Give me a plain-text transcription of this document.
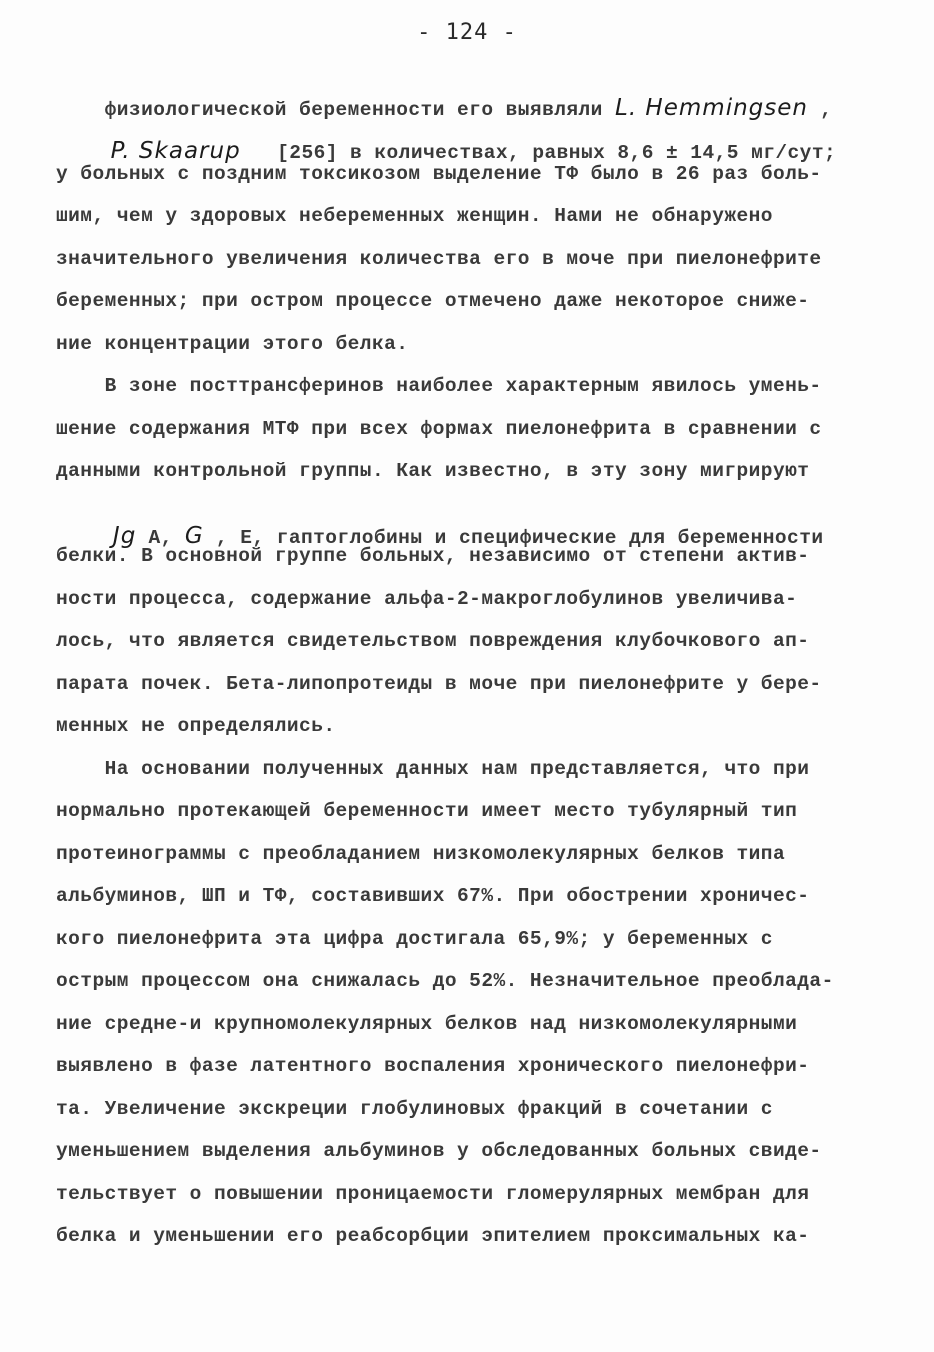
- 124 -

физиологической беременности его выявляли L. Hemmingsen ,

P. Skaarup   [256] в количествах, равных 8,6 ± 14,5 мг/сут;

у больных с поздним токсикозом выделение ТФ было в 26 раз боль-
шим, чем у здоровых небеременных женщин. Нами не обнаружено
значительного увеличения количества его в моче при пиелонефрите
беременных; при остром процессе отмечено даже некоторое сниже-
ние концентрации этого белка.
В зоне посттрансферинов наиболее характерным явилось умень-
шение содержания МТФ при всех формах пиелонефрита в сравнении с
данными контрольной группы. Как известно, в эту зону мигрируют

Jg A, G , E, гаптоглобины и специфические для беременности

белки. В основной группе больных, независимо от степени актив-
ности процесса, содержание альфа-2-макроглобулинов увеличива-
лось, что является свидетельством повреждения клубочкового ап-
парата почек. Бета-липопротеиды в моче при пиелонефрите у бере-
менных не определялись.
На основании полученных данных нам представляется, что при
нормально протекающей беременности имеет место тубулярный тип
протеинограммы с преобладанием низкомолекулярных белков типа
альбуминов, ШП и ТФ, составивших 67%. При обострении хроничес-
кого пиелонефрита эта цифра достигала 65,9%; у беременных с
острым процессом она снижалась до 52%. Незначительное преоблада-
ние средне-и крупномолекулярных белков над низкомолекулярными
выявлено в фазе латентного воспаления хронического пиелонефри-
та. Увеличение экскреции глобулиновых фракций в сочетании с
уменьшением выделения альбуминов у обследованных больных свиде-
тельствует о повышении проницаемости гломерулярных мембран для
белка и уменьшении его реабсорбции эпителием проксимальных ка-
